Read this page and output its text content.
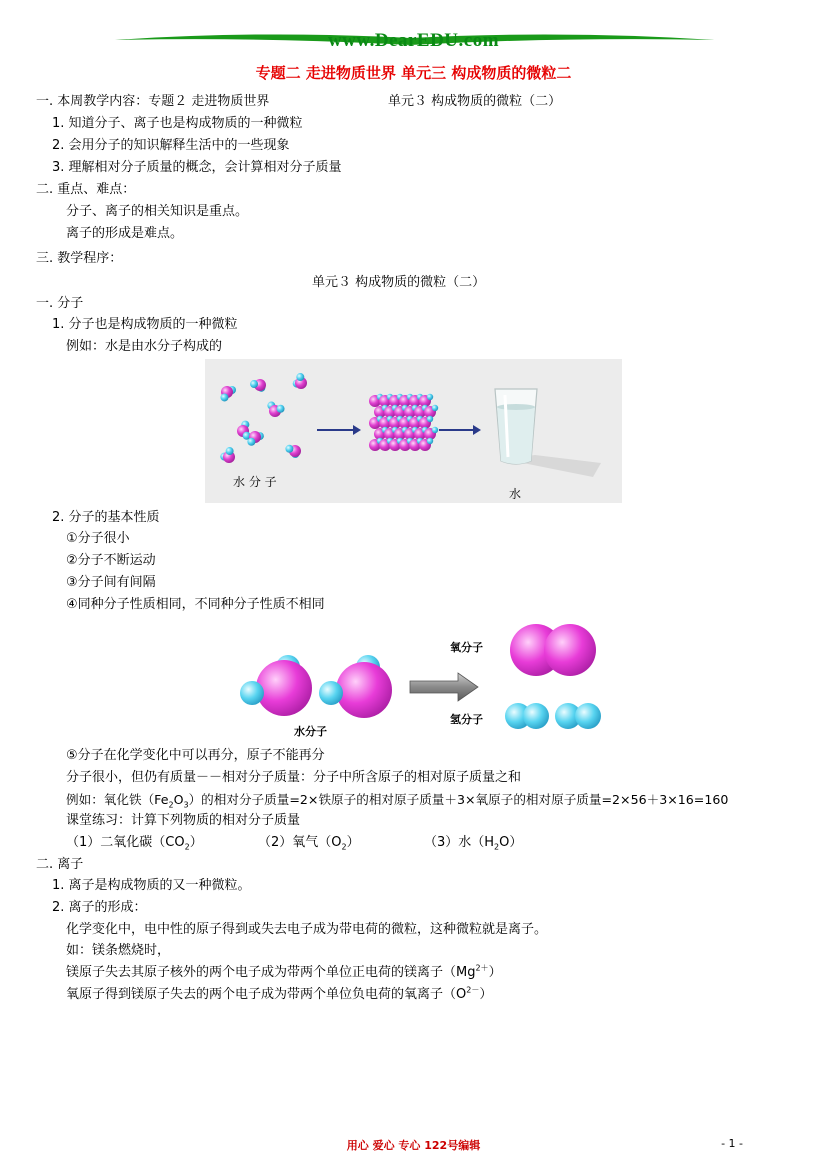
www.DearEDU.com
专题二 走进物质世界 单元三 构成物质的微粒二
一. 本周教学内容：专题２ 走进物质世界	单元３ 构成物质的微粒（二）
1. 知道分子、离子也是构成物质的一种微粒
2. 会用分子的知识解释生活中的一些现象
3. 理解相对分子质量的概念，会计算相对分子质量
二. 重点、难点：
分子、离子的相关知识是重点。
离子的形成是难点。
三. 教学程序：
单元３ 构成物质的微粒（二）
一. 分子
1. 分子也是构成物质的一种微粒
例如：水是由水分子构成的
水 分 子
水
2. 分子的基本性质
①分子很小
②分子不断运动
③分子间有间隔
④同种分子性质相同，不同种分子性质不相同
水分子
氧分子
氢分子
⑤分子在化学变化中可以再分，原子不能再分
分子很小，但仍有质量－－相对分子质量：分子中所含原子的相对原子质量之和
例如：氧化铁$(Fe_2O_3)$的相对分子质量=2×铁原子的相对原子质量＋3×氧原子的相对原子质量=2×56＋3×16=160
课堂练习：计算下列物质的相对分子质量
（1）二氧化碳$(CO_2)$	（2）氧气$(O_2)$	（3）水$(H_2O)$
二. 离子
1. 离子是构成物质的又一种微粒。
2. 离子的形成：
化学变化中，电中性的原子得到或失去电子成为带电荷的微粒，这种微粒就是离子。
如：镁条燃烧时，
镁原子失去其原子核外的两个电子成为带两个单位正电荷的镁离子$(Mg^{2+})$
氧原子得到镁原子失去的两个电子成为带两个单位负电荷的氧离子$(O^{2-})$
用心 爱心 专心 122号编辑	- 1 -
